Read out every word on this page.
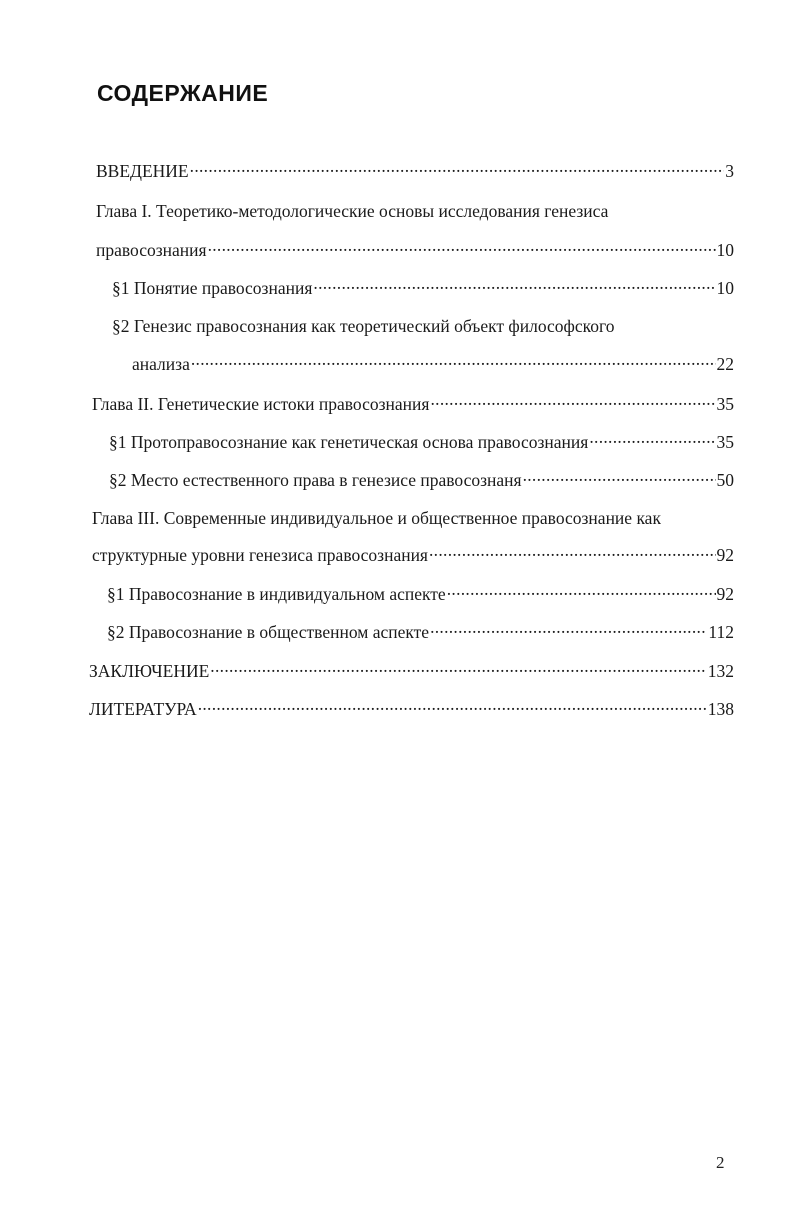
СОДЕРЖАНИЕ
ВВЕДЕНИЕ .....	3
Глава I. Теоретико-методологические основы исследования генезиса
правосознания .....	10
§1 Понятие правосознания .....	10
§2 Генезис правосознания как теоретический объект философского
анализа .....	22
Глава II. Генетические истоки правосознания .....	35
§1 Протоправосознание как генетическая основа правосознания .....	35
§2 Место естественного права в генезисе правосознаня .....	50
Глава III. Современные индивидуальное и общественное правосознание как
структурные уровни генезиса правосознания .....	92
§1 Правосознание в индивидуальном аспекте .....	92
§2 Правосознание в общественном аспекте .....	112
ЗАКЛЮЧЕНИЕ .....	132
ЛИТЕРАТУРА .....	138
2
